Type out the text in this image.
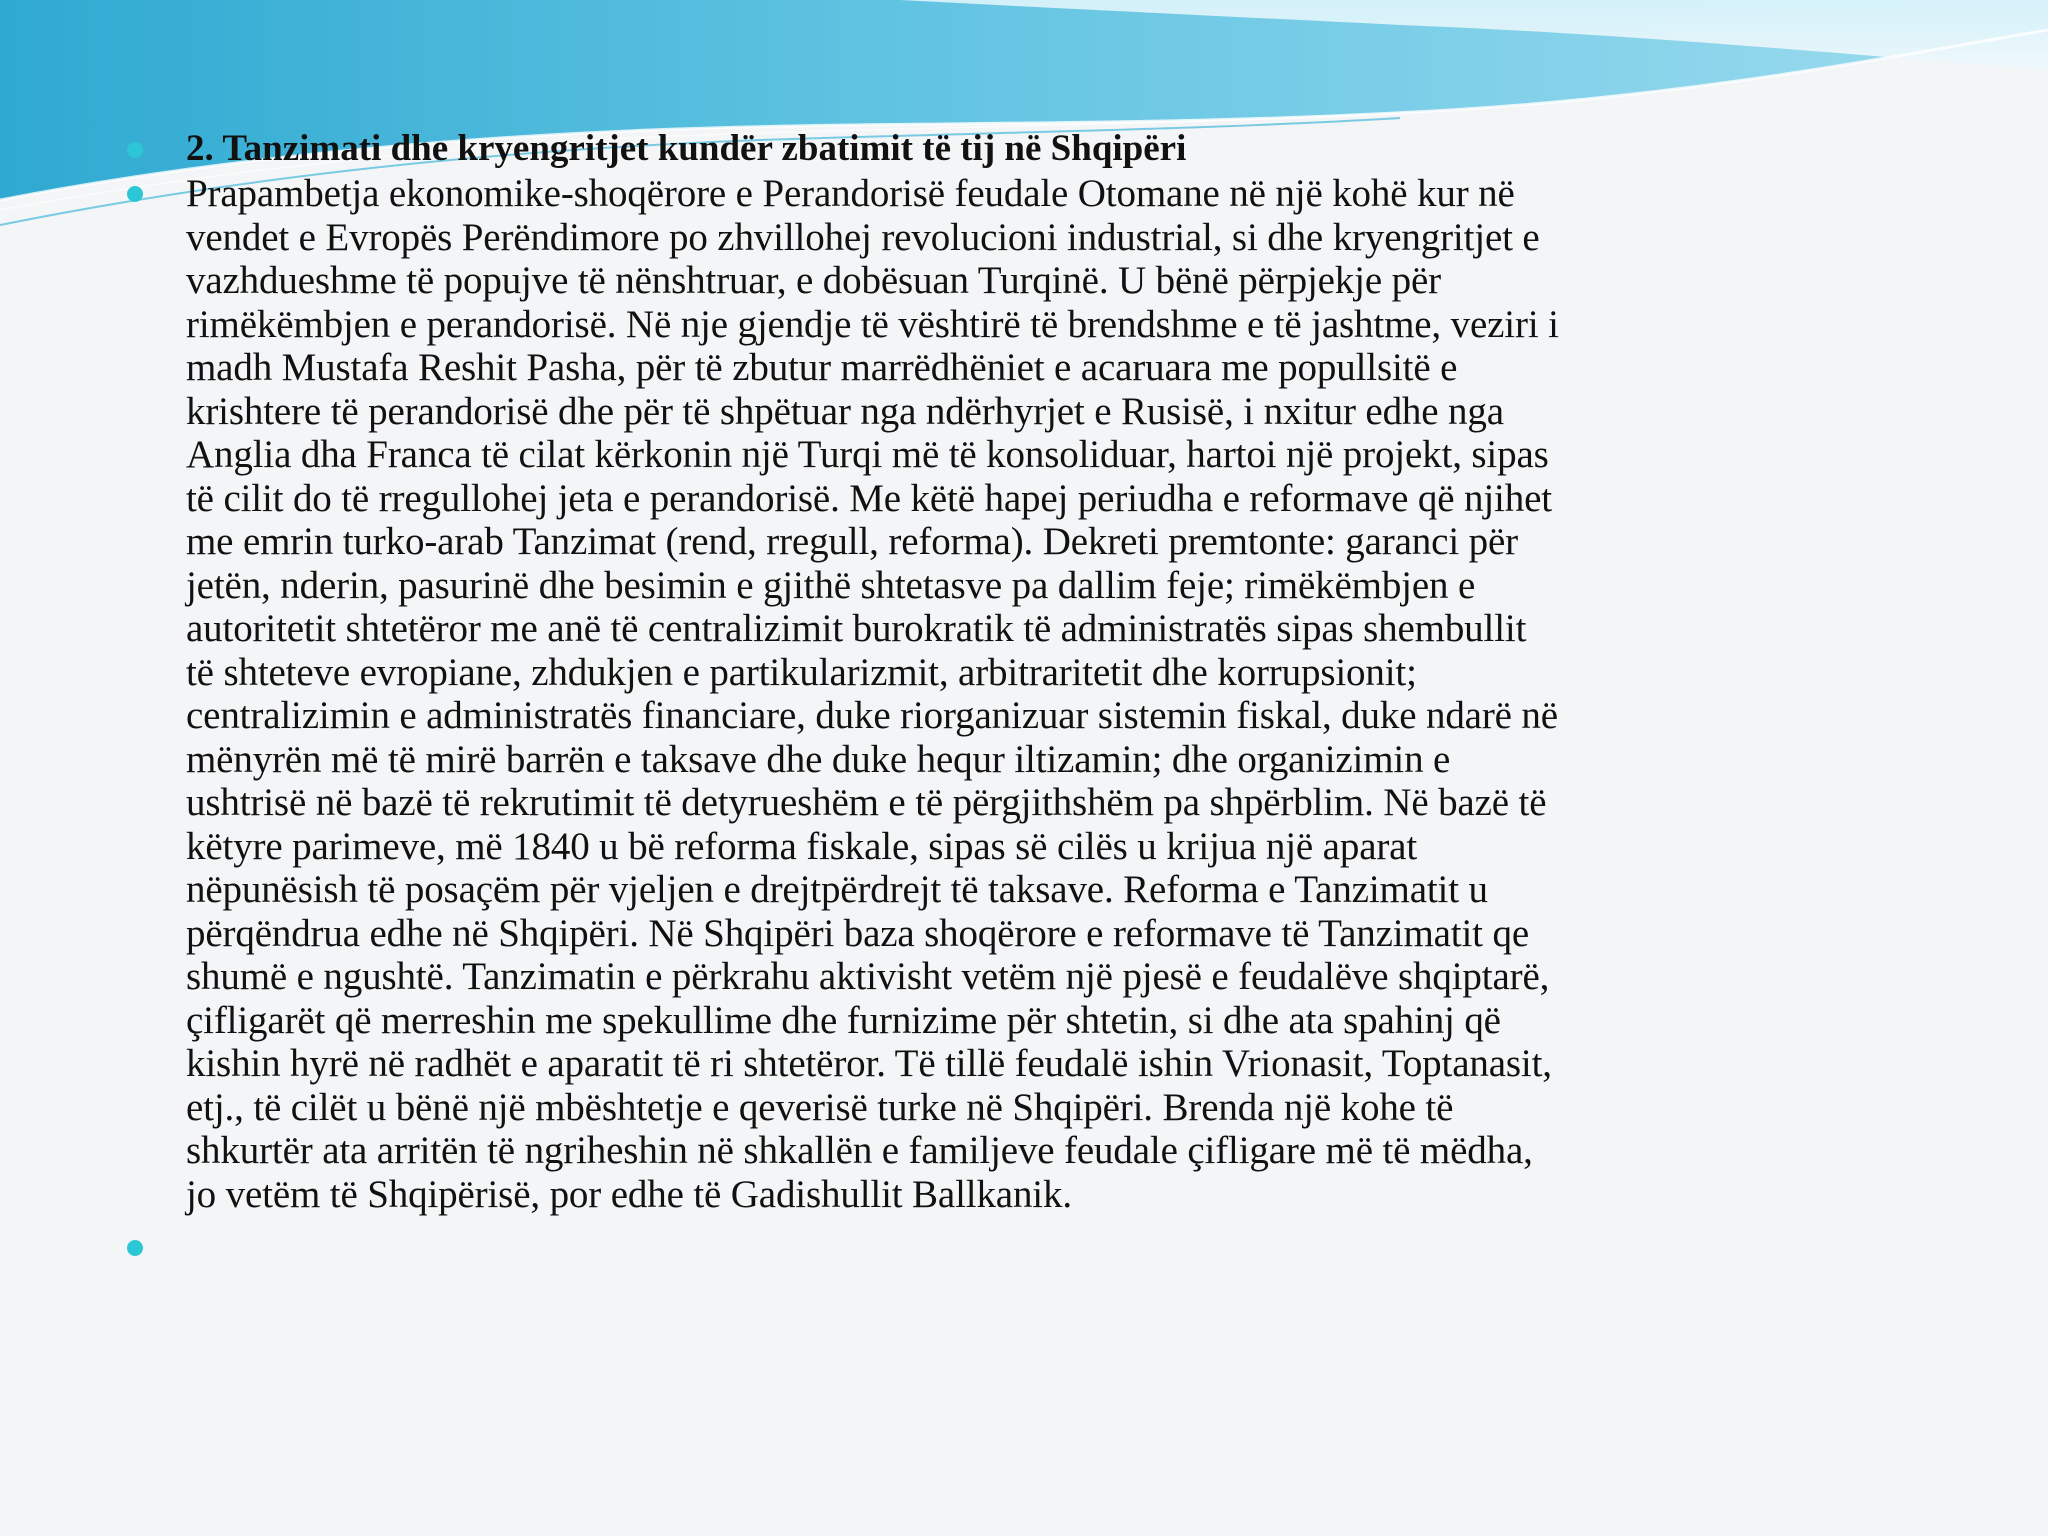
2. Tanzimati dhe kryengritjet kundër zbatimit të tij në Shqipëri
Prapambetja ekonomike-shoqërore e Perandorisë feudale Otomane në një kohë kur në
vendet e Evropës Perëndimore po zhvillohej revolucioni industrial, si dhe kryengritjet e
vazhdueshme të popujve të nënshtruar, e dobësuan Turqinë. U bënë përpjekje për
rimëkëmbjen e perandorisë. Në nje gjendje të vështirë të brendshme e të jashtme, veziri i
madh Mustafa Reshit Pasha, për të zbutur marrëdhëniet e acaruara me popullsitë e
krishtere të perandorisë dhe për të shpëtuar nga ndërhyrjet e Rusisë, i nxitur edhe nga
Anglia dha Franca të cilat kërkonin një Turqi më të konsoliduar, hartoi një projekt, sipas
të cilit do të rregullohej jeta e perandorisë. Me këtë hapej periudha e reformave që njihet
me emrin turko-arab Tanzimat (rend, rregull, reforma). Dekreti premtonte: garanci për
jetën, nderin, pasurinë dhe besimin e gjithë shtetasve pa dallim feje; rimëkëmbjen e
autoritetit shtetëror me anë të centralizimit burokratik të administratës sipas shembullit
të shteteve evropiane, zhdukjen e partikularizmit, arbitraritetit dhe korrupsionit;
centralizimin e administratës financiare, duke riorganizuar sistemin fiskal, duke ndarë në
mënyrën më të mirë barrën e taksave dhe duke hequr iltizamin; dhe organizimin e
ushtrisë në bazë të rekrutimit të detyrueshëm e të përgjithshëm pa shpërblim. Në bazë të
këtyre parimeve, më 1840 u bë reforma fiskale, sipas së cilës u krijua një aparat
nëpunësish të posaçëm për vjeljen e drejtpërdrejt të taksave. Reforma e Tanzimatit u
përqëndrua edhe në Shqipëri. Në Shqipëri baza shoqërore e reformave të Tanzimatit qe
shumë e ngushtë. Tanzimatin e përkrahu aktivisht vetëm një pjesë e feudalëve shqiptarë,
çifligarët që merreshin me spekullime dhe furnizime për shtetin, si dhe ata spahinj që
kishin hyrë në radhët e aparatit të ri shtetëror. Të tillë feudalë ishin Vrionasit, Toptanasit,
etj., të cilët u bënë një mbështetje e qeverisë turke në Shqipëri. Brenda një kohe të
shkurtër ata arritën të ngriheshin në shkallën e familjeve feudale çifligare më të mëdha,
jo vetëm të Shqipërisë, por edhe të Gadishullit Ballkanik.
